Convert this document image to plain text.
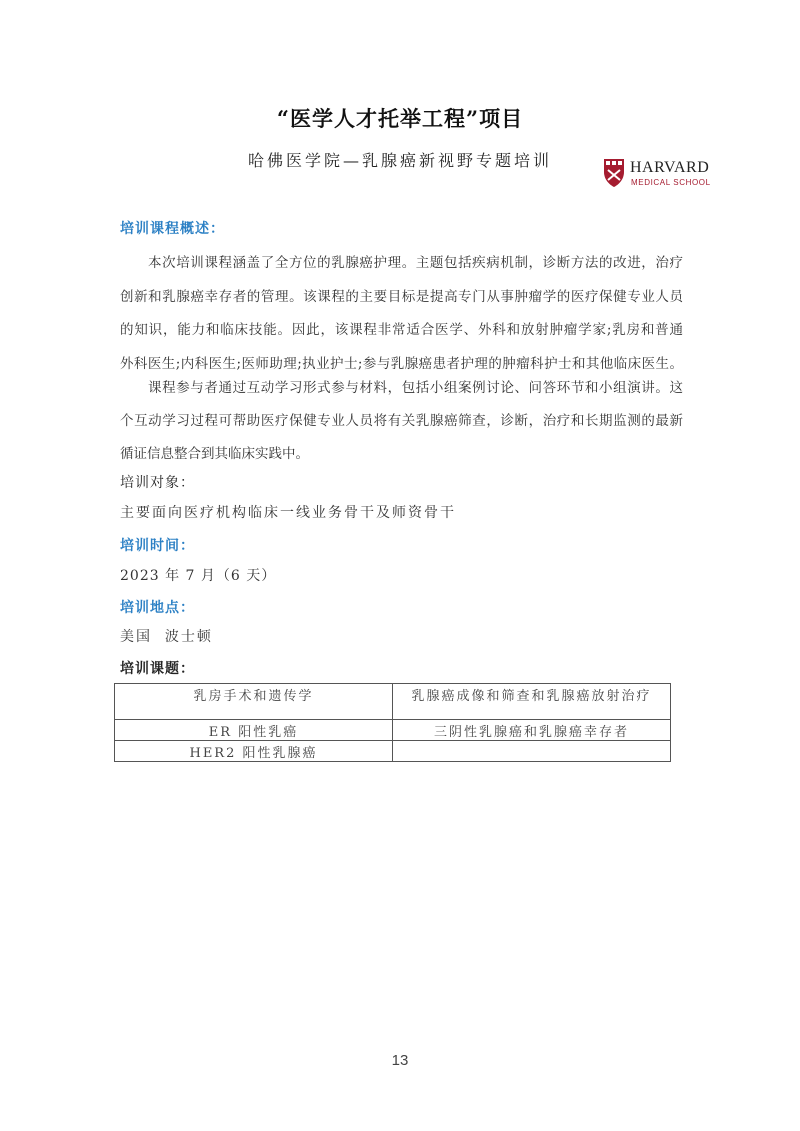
“医学人才托举工程”项目
哈佛医学院—乳腺癌新视野专题培训	HARVARD
MEDICAL SCHOOL
培训课程概述：
本次培训课程涵盖了全方位的乳腺癌护理。主题包括疾病机制，诊断方法的改进，治疗
创新和乳腺癌幸存者的管理。该课程的主要目标是提高专门从事肿瘤学的医疗保健专业人员
的知识，能力和临床技能。因此，该课程非常适合医学、外科和放射肿瘤学家;乳房和普通
外科医生;内科医生;医师助理;执业护士;参与乳腺癌患者护理的肿瘤科护士和其他临床医生。
课程参与者通过互动学习形式参与材料，包括小组案例讨论、问答环节和小组演讲。这
个互动学习过程可帮助医疗保健专业人员将有关乳腺癌筛查，诊断，治疗和长期监测的最新
循证信息整合到其临床实践中。
培训对象：
主要面向医疗机构临床一线业务骨干及师资骨干
培训时间：
2023 年 7 月（6 天）
培训地点：
美国  波士顿
培训课题：
乳房手术和遗传学	乳腺癌成像和筛查和乳腺癌放射治疗
ER 阳性乳癌	三阴性乳腺癌和乳腺癌幸存者
HER2 阳性乳腺癌	
13
